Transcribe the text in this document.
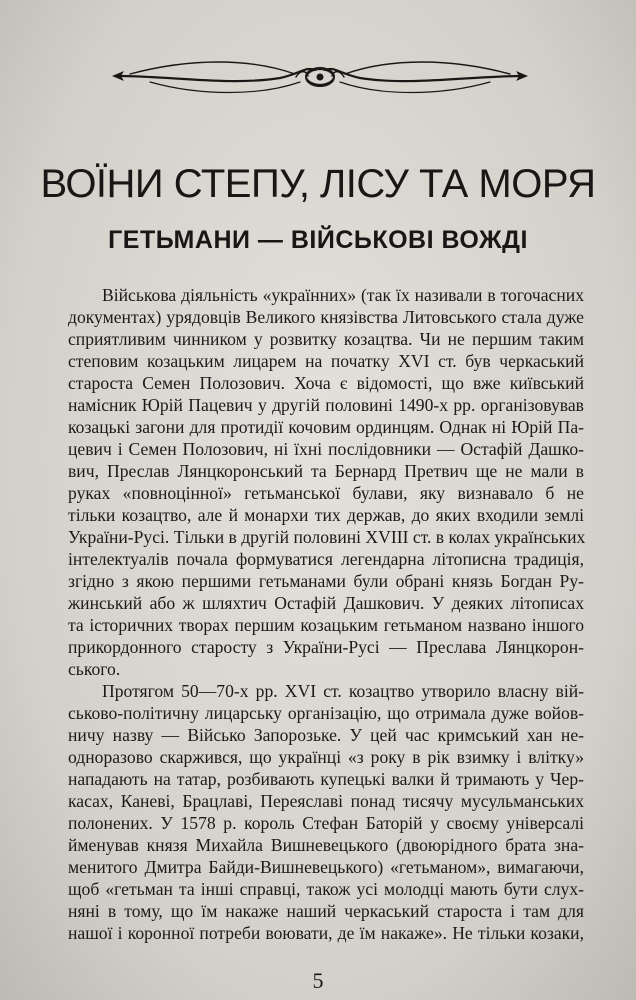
ВОЇНИ СТЕПУ, ЛІСУ ТА МОРЯ
ГЕТЬМАНИ — ВІЙСЬКОВІ ВОЖДІ
Військова діяльність «українних» (так їх називали в тогочасних
документах) урядовців Великого князівства Литовського стала дуже
сприятливим чинником у розвитку козацтва. Чи не першим таким
степовим козацьким лицарем на початку XVI ст. був черкаський
староста Семен Полозович. Хоча є відомості, що вже київський
намісник Юрій Пацевич у другій половині 1490-х рр. організовував
козацькі загони для протидії кочовим ординцям. Однак ні Юрій Па-
цевич і Семен Полозович, ні їхні послідовники — Остафій Дашко-
вич, Преслав Лянцкоронський та Бернард Претвич ще не мали в
руках «повноцінної» гетьманської булави, яку визнавало б не
тільки козацтво, але й монархи тих держав, до яких входили землі
України-Русі. Тільки в другій половині XVIII ст. в колах українських
інтелектуалів почала формуватися легендарна літописна традиція,
згідно з якою першими гетьманами були обрані князь Богдан Ру-
жинський або ж шляхтич Остафій Дашкович. У деяких літописах
та історичних творах першим козацьким гетьманом названо іншого
прикордонного старосту з України-Русі — Преслава Лянцкорон-
ського.
Протягом 50—70-х рр. XVI ст. козацтво утворило власну вій-
ськово-політичну лицарську організацію, що отримала дуже войов-
ничу назву — Військо Запорозьке. У цей час кримський хан не-
одноразово скаржився, що українці «з року в рік взимку і влітку»
нападають на татар, розбивають купецькі валки й тримають у Чер-
касах, Каневі, Брацлаві, Переяславі понад тисячу мусульманських
полонених. У 1578 р. король Стефан Баторій у своєму універсалі
йменував князя Михайла Вишневецького (двоюрідного брата зна-
менитого Дмитра Байди-Вишневецького) «гетьманом», вимагаючи,
щоб «гетьман та інші справці, також усі молодці мають бути слух-
няні в тому, що їм накаже наший черкаський староста і там для
нашої і коронної потреби воювати, де їм накаже». Не тільки козаки,
5
